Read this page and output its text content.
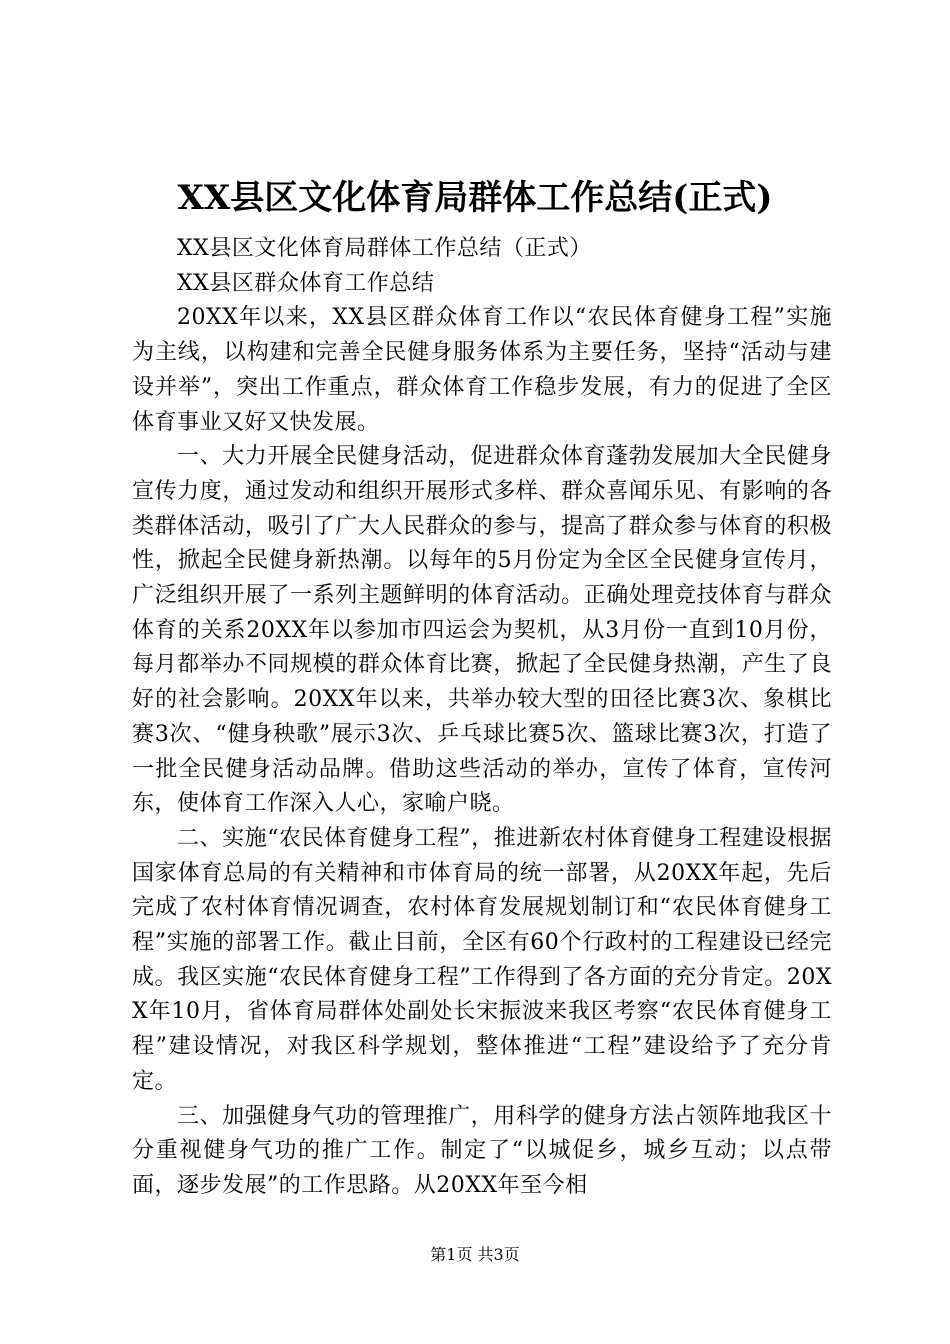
XX县区文化体育局群体工作总结(正式)

XX县区文化体育局群体工作总结（正式）

XX县区群众体育工作总结

20XX年以来，XX县区群众体育工作以“农民体育健身工程”实施为主线，以构建和完善全民健身服务体系为主要任务，坚持“活动与建设并举”，突出工作重点，群众体育工作稳步发展，有力的促进了全区体育事业又好又快发展。

一、大力开展全民健身活动，促进群众体育蓬勃发展加大全民健身宣传力度，通过发动和组织开展形式多样、群众喜闻乐见、有影响的各类群体活动，吸引了广大人民群众的参与，提高了群众参与体育的积极性，掀起全民健身新热潮。以每年的5月份定为全区全民健身宣传月，广泛组织开展了一系列主题鲜明的体育活动。正确处理竞技体育与群众体育的关系20XX年以参加市四运会为契机，从3月份一直到10月份，每月都举办不同规模的群众体育比赛，掀起了全民健身热潮，产生了良好的社会影响。20XX年以来，共举办较大型的田径比赛3次、象棋比赛3次、“健身秧歌”展示3次、乒乓球比赛5次、篮球比赛3次，打造了一批全民健身活动品牌。借助这些活动的举办，宣传了体育，宣传河东，使体育工作深入人心，家喻户晓。

二、实施“农民体育健身工程”，推进新农村体育健身工程建设根据国家体育总局的有关精神和市体育局的统一部署，从20XX年起，先后完成了农村体育情况调查，农村体育发展规划制订和“农民体育健身工程”实施的部署工作。截止目前，全区有60个行政村的工程建设已经完成。我区实施“农民体育健身工程”工作得到了各方面的充分肯定。20XX年10月，省体育局群体处副处长宋振波来我区考察“农民体育健身工程”建设情况，对我区科学规划，整体推进“工程”建设给予了充分肯定。

三、加强健身气功的管理推广，用科学的健身方法占领阵地我区十分重视健身气功的推广工作。制定了“以城促乡，城乡互动；以点带面，逐步发展”的工作思路。从20XX年至今相

第1页 共3页
